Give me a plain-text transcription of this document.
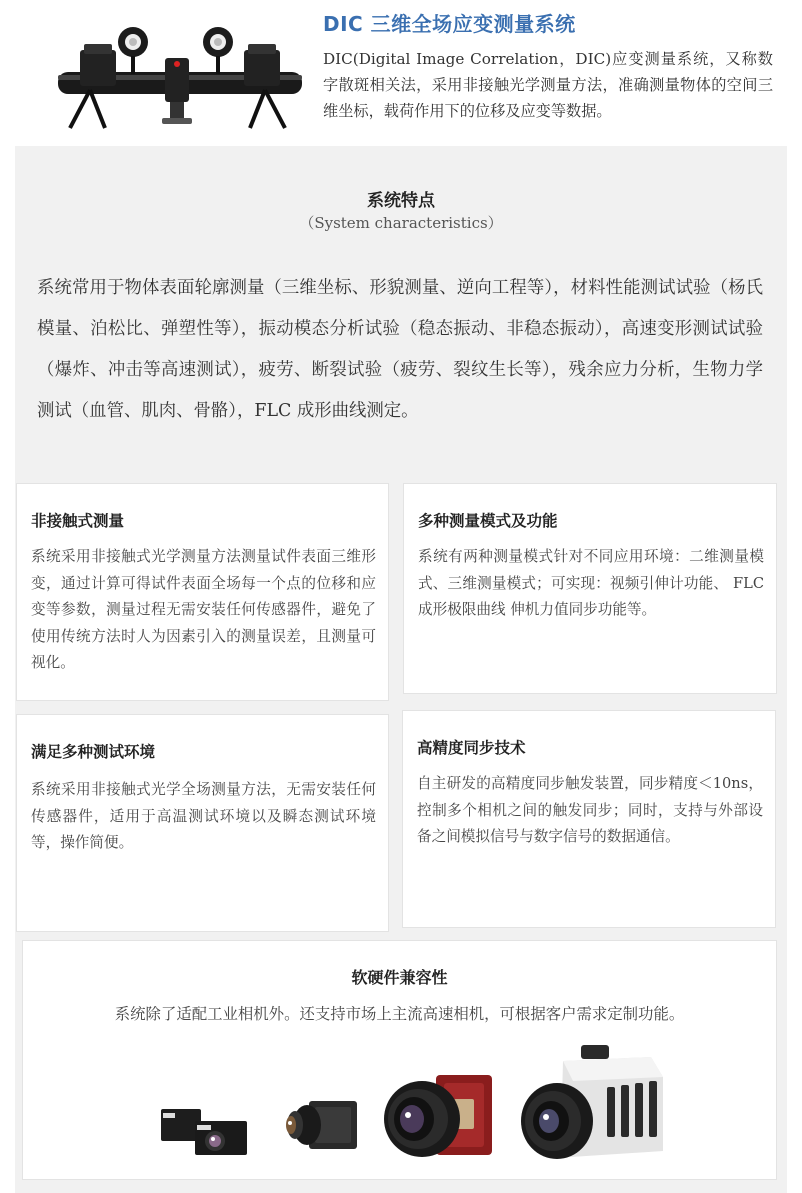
DIC 三维全场应变测量系统
DIC(Digital Image Correlation，DIC)应变测量系统，又称数字散斑相关法，采用非接触光学测量方法，准确测量物体的空间三维坐标，载荷作用下的位移及应变等数据。
系统特点
（System characteristics）
系统常用于物体表面轮廓测量（三维坐标、形貌测量、逆向工程等），材料性能测试试验（杨氏模量、泊松比、弹塑性等），振动模态分析试验（稳态振动、非稳态振动），高速变形测试试验（爆炸、冲击等高速测试），疲劳、断裂试验（疲劳、裂纹生长等），残余应力分析，生物力学测试（血管、肌肉、骨骼），FLC 成形曲线测定。
非接触式测量

系统采用非接触式光学测量方法测量试件表面三维形变，通过计算可得试件表面全场每一个点的位移和应变等参数，测量过程无需安装任何传感器件，避免了使用传统方法时人为因素引入的测量误差，且测量可视化。

多种测量模式及功能

系统有两种测量模式针对不同应用环境：二维测量模式、三维测量模式；可实现：视频引伸计功能、 FLC 成形极限曲线 伸机力值同步功能等。

满足多种测试环境

系统采用非接触式光学全场测量方法，无需安装任何传感器件，适用于高温测试环境以及瞬态测试环境等，操作简便。

高精度同步技术

自主研发的高精度同步触发装置，同步精度＜10ns，控制多个相机之间的触发同步；同时，支持与外部设备之间模拟信号与数字信号的数据通信。

软硬件兼容性

系统除了适配工业相机外。还支持市场上主流高速相机，可根据客户需求定制功能。
